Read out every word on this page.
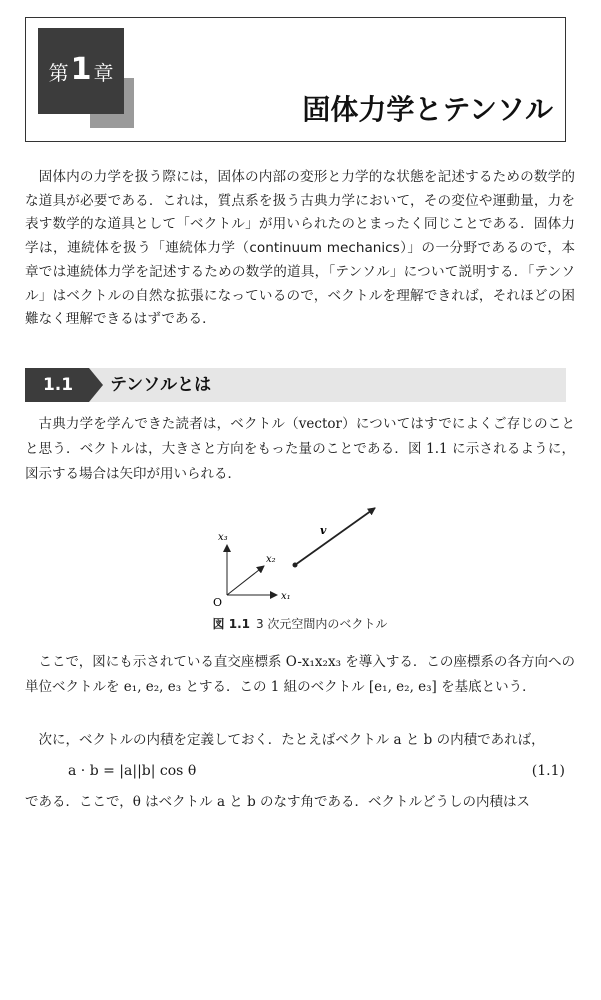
第 1 章
固体力学とテンソル

固体内の力学を扱う際には，固体の内部の変形と力学的な状態を記述するための数学的な道具が必要である．これは，質点系を扱う古典力学において，その変位や運動量，力を表す数学的な道具として「ベクトル」が用いられたのとまったく同じことである．固体力学は，連続体を扱う「連続体力学（continuum mechanics）」の一分野であるので，本章では連続体力学を記述するための数学的道具，「テンソル」について説明する．「テンソル」はベクトルの自然な拡張になっているので，ベクトルを理解できれば，それほどの困難なく理解できるはずである．

1.1	テンソルとは

古典力学を学んできた読者は，ベクトル（vector）についてはすでによくご存じのことと思う．ベクトルは，大きさと方向をもった量のことである．図 1.1 に示されるように，図示する場合は矢印が用いられる．

x₃
x₂
x₁
O
v
図 1.1 3 次元空間内のベクトル

ここで，図にも示されている直交座標系 O-x₁x₂x₃ を導入する．この座標系の各方向への単位ベクトルを e₁, e₂, e₃ とする．この 1 組のベクトル [e₁, e₂, e₃] を基底という．

次に，ベクトルの内積を定義しておく．たとえばベクトル a と b の内積であれば，

a · b = |a||b| cos θ	(1.1)

である．ここで，θ はベクトル a と b のなす角である．ベクトルどうしの内積はス
